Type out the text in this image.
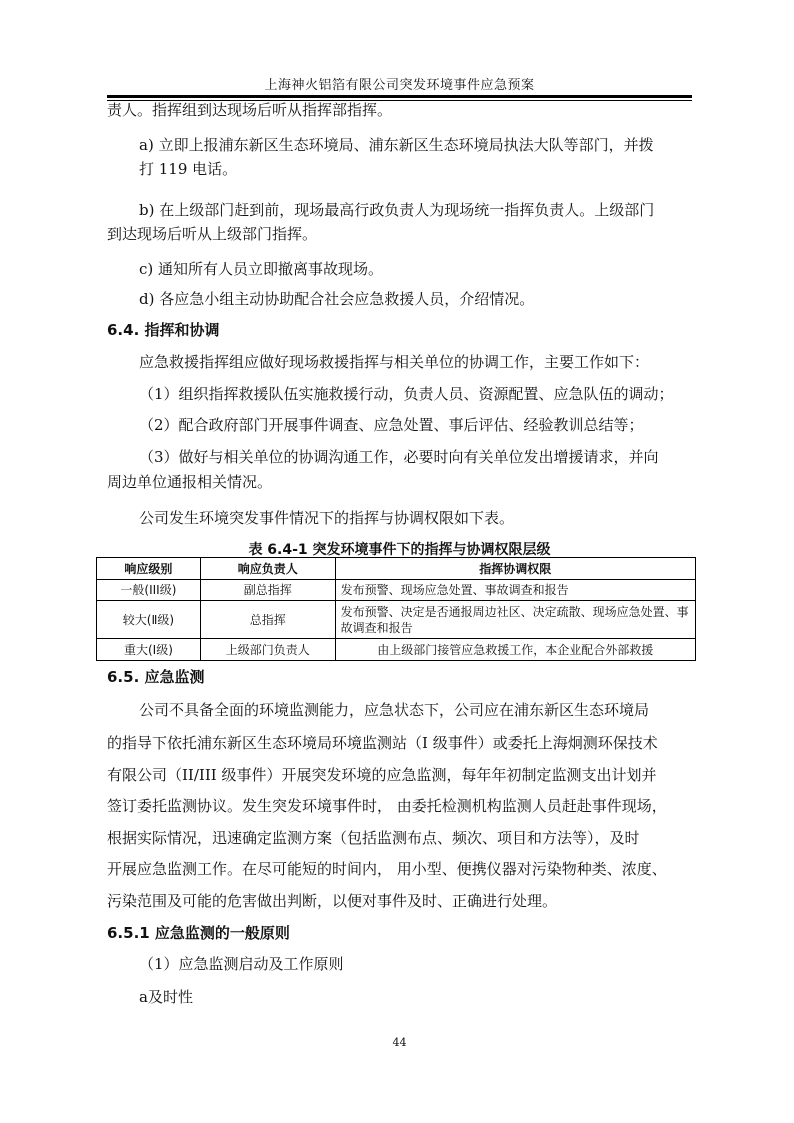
上海神火铝箔有限公司突发环境事件应急预案
责人。指挥组到达现场后听从指挥部指挥。
a) 立即上报浦东新区生态环境局、浦东新区生态环境局执法大队等部门，并拨
打 119 电话。
b) 在上级部门赶到前，现场最高行政负责人为现场统一指挥负责人。上级部门
到达现场后听从上级部门指挥。
c) 通知所有人员立即撤离事故现场。
d) 各应急小组主动协助配合社会应急救援人员，介绍情况。
6.4. 指挥和协调
应急救援指挥组应做好现场救援指挥与相关单位的协调工作，主要工作如下：
（1）组织指挥救援队伍实施救援行动，负责人员、资源配置、应急队伍的调动；
（2）配合政府部门开展事件调查、应急处置、事后评估、经验教训总结等；
（3）做好与相关单位的协调沟通工作，必要时向有关单位发出增援请求，并向
周边单位通报相关情况。
公司发生环境突发事件情况下的指挥与协调权限如下表。
表 6.4-1 突发环境事件下的指挥与协调权限层级
响应级别	响应负责人	指挥协调权限
一般(III级)	副总指挥	发布预警、现场应急处置、事故调查和报告
较大(Ⅱ级)	总指挥	发布预警、决定是否通报周边社区、决定疏散、现场应急处置、事故调查和报告
重大(Ⅰ级)	上级部门负责人	由上级部门接管应急救援工作，本企业配合外部救援
6.5. 应急监测
公司不具备全面的环境监测能力，应急状态下，公司应在浦东新区生态环境局
的指导下依托浦东新区生态环境局环境监测站（I 级事件）或委托上海炯测环保技术
有限公司（II/III 级事件）开展突发环境的应急监测，每年年初制定监测支出计划并
签订委托监测协议。发生突发环境事件时， 由委托检测机构监测人员赶赴事件现场，
根据实际情况，迅速确定监测方案（包括监测布点、频次、项目和方法等），及时
开展应急监测工作。在尽可能短的时间内， 用小型、便携仪器对污染物种类、浓度、
污染范围及可能的危害做出判断，以便对事件及时、正确进行处理。
6.5.1 应急监测的一般原则
（1）应急监测启动及工作原则
a及时性
44
